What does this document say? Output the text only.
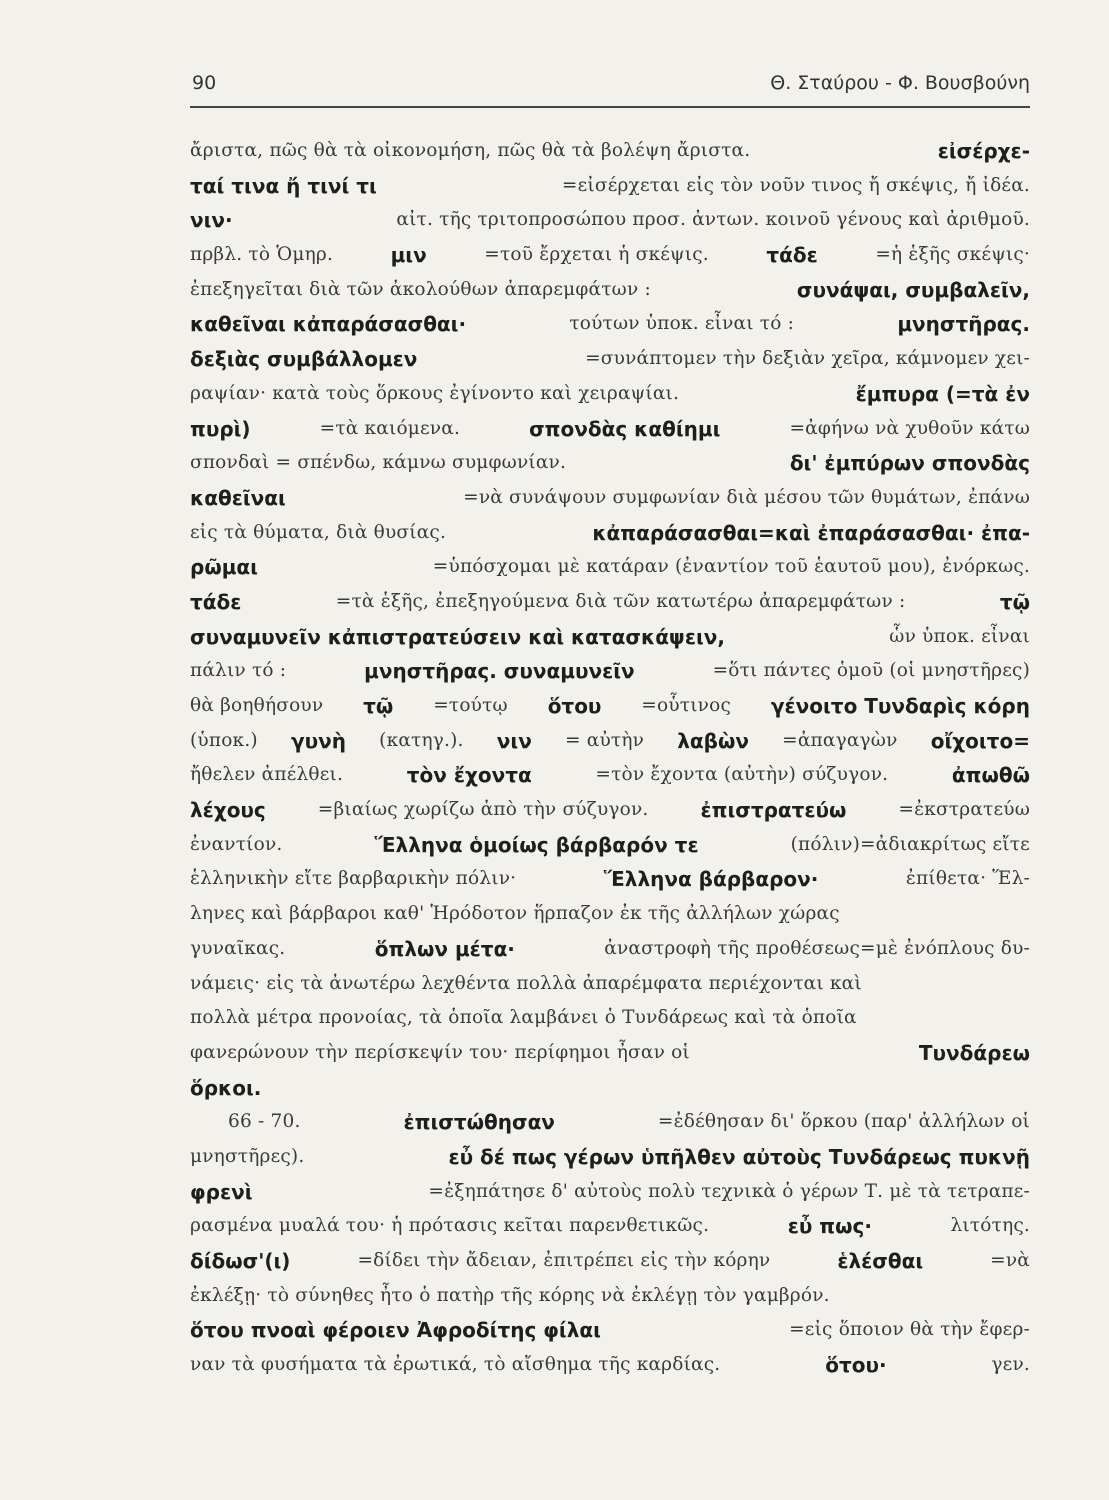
90	Θ. Σταύρου - Φ. Βουσβούνη
ἄριστα, πῶς θὰ τὰ οἰκονομήση, πῶς θὰ τὰ βολέψη ἄριστα.	εἰσέρχε-
ταί τινα ἤ τινί τι	=εἰσέρχεται εἰς τὸν νοῦν τινος ἤ σκέψις, ἤ ἰδέα.
νιν·	αἰτ. τῆς τριτοπροσώπου προσ. ἀντων. κοινοῦ γένους καὶ ἀριθμοῦ.
πρβλ. τὸ Ὁμηρ.	μιν	=τοῦ ἔρχεται ἡ σκέψις.	τάδε	=ἡ ἑξῆς σκέψις·
ἐπεξηγεῖται διὰ τῶν ἀκολούθων ἀπαρεμφάτων :	συνάψαι, συμβαλεῖν,
καθεῖναι κἀπαράσασθαι·	τούτων ὑποκ. εἶναι τό :	μνηστῆρας.
δεξιὰς συμβάλλομεν	=συνάπτομεν τὴν δεξιὰν χεῖρα, κάμνομεν χει-
ραψίαν· κατὰ τοὺς ὅρκους ἐγίνοντο καὶ χειραψίαι.	ἔμπυρα (=τὰ ἐν
πυρὶ)	=τὰ καιόμενα.	σπονδὰς καθίημι	=ἀφήνω νὰ χυθοῦν κάτω
σπονδαὶ = σπένδω, κάμνω συμφωνίαν.	δι' ἐμπύρων σπονδὰς
καθεῖναι	=νὰ συνάψουν συμφωνίαν διὰ μέσου τῶν θυμάτων, ἐπάνω
εἰς τὰ θύματα, διὰ θυσίας.	κἀπαράσασθαι=καὶ ἐπαράσασθαι· ἐπα-
ρῶμαι	=ὑπόσχομαι μὲ κατάραν (ἐναντίον τοῦ ἑαυτοῦ μου), ἐνόρκως.
τάδε	=τὰ ἑξῆς, ἐπεξηγούμενα διὰ τῶν κατωτέρω ἀπαρεμφάτων :	τῷ
συναμυνεῖν κἀπιστρατεύσειν καὶ κατασκάψειν,	ὧν ὑποκ. εἶναι
πάλιν τό :	μνηστῆρας. συναμυνεῖν	=ὅτι πάντες ὁμοῦ (οἱ μνηστῆρες)
θὰ βοηθήσουν τῷ =τούτῳ ὅτου =οὗτινος γένοιτο Τυνδαρὶς κόρη
(ὑποκ.) γυνὴ (κατηγ.). νιν = αὐτὴν λαβὼν =ἀπαγαγὼν οἴχοιτο=
ἤθελεν ἀπέλθει.	τὸν ἔχοντα	=τὸν ἔχοντα (αὐτὴν) σύζυγον.	ἀπωθῶ
λέχους	=βιαίως χωρίζω ἀπὸ τὴν σύζυγον.	ἐπιστρατεύω	=ἐκστρατεύω
ἐναντίον.	Ἕλληνα ὁμοίως βάρβαρόν τε	(πόλιν)=ἀδιακρίτως εἴτε
ἑλληνικὴν εἴτε βαρβαρικὴν πόλιν·	Ἕλληνα βάρβαρον·	ἐπίθετα· Ἕλ-
ληνες καὶ βάρβαροι καθ' Ἡρόδοτον ἥρπαζον ἐκ τῆς ἀλλήλων χώρας
γυναῖκας.	ὅπλων μέτα·	ἀναστροφὴ τῆς προθέσεως=μὲ ἐνόπλους δυ-
νάμεις· εἰς τὰ ἀνωτέρω λεχθέντα πολλὰ ἀπαρέμφατα περιέχονται καὶ
πολλὰ μέτρα προνοίας, τὰ ὁποῖα λαμβάνει ὁ Τυνδάρεως καὶ τὰ ὁποῖα
φανερώνουν τὴν περίσκεψίν του· περίφημοι ἦσαν οἱ	Τυνδάρεω
ὅρκοι.
66 - 70.	ἐπιστώθησαν	=ἐδέθησαν δι' ὅρκου (παρ' ἀλλήλων οἱ
μνηστῆρες).	εὖ δέ πως γέρων ὑπῆλθεν αὐτοὺς Τυνδάρεως πυκνῇ
φρενὶ	=ἐξηπάτησε δ' αὐτοὺς πολὺ τεχνικὰ ὁ γέρων Τ. μὲ τὰ τετραπε-
ρασμένα μυαλά του· ἡ πρότασις κεῖται παρενθετικῶς.	εὖ πως·	λιτότης.
δίδωσ'(ι)	=δίδει τὴν ἄδειαν, ἐπιτρέπει εἰς τὴν κόρην	ἑλέσθαι	=νὰ
ἐκλέξῃ· τὸ σύνηθες ἦτο ὁ πατὴρ τῆς κόρης νὰ ἐκλέγῃ τὸν γαμβρόν.
ὅτου πνοαὶ φέροιεν Ἀφροδίτης φίλαι	=εἰς ὅποιον θὰ τὴν ἔφερ-
ναν τὰ φυσήματα τὰ ἐρωτικά, τὸ αἴσθημα τῆς καρδίας.	ὅτου·	γεν.
